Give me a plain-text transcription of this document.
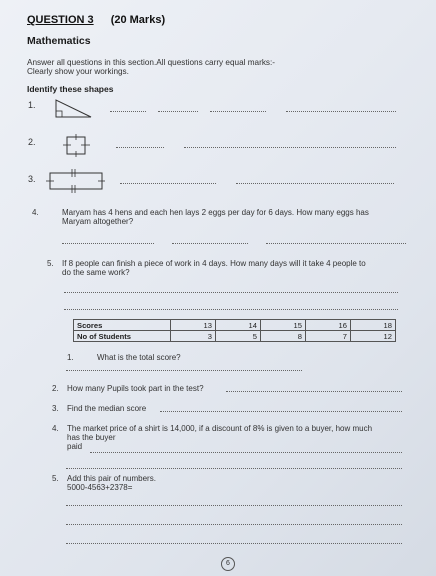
QUESTION 3 (20 Marks)
Mathematics
Answer all questions in this section.All questions carry equal marks:-
Clearly show your workings.
Identify these shapes
1.
2.
3.
4.	Maryam has 4 hens and each hen lays 2 eggs per day for 6 days. How many eggs has
Maryam altogether?
5. If 8 people can finish a piece of work in 4 days. How many days will it take 4 people to
do the same work?
Scores	13	14	15	16	18
No of Students	3	5	8	7	12
1.	What is the total score?
2. How many Pupils took part in the test?
3. Find the median score
4. The market price of a shirt is 14,000, if a discount of 8% is given to a buyer, how much
has the buyer
paid
5. Add this pair of numbers.
5000-4563+2378=
6
